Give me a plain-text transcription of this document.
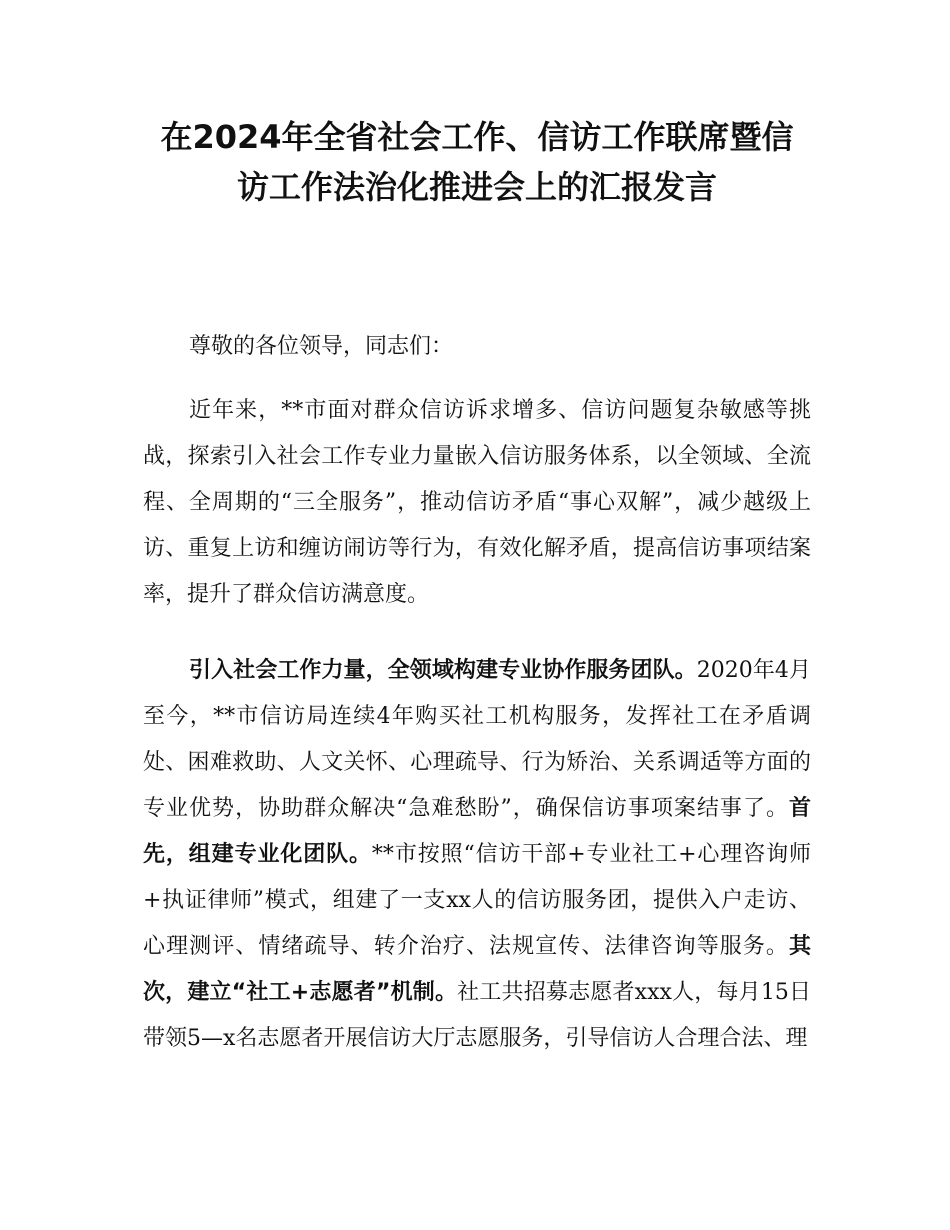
在2024年全省社会工作、信访工作联席暨信
访工作法治化推进会上的汇报发言

尊敬的各位领导，同志们：

近年来，**市面对群众信访诉求增多、信访问题复杂敏感等挑战，探索引入社会工作专业力量嵌入信访服务体系，以全领域、全流程、全周期的“三全服务”，推动信访矛盾“事心双解”，减少越级上访、重复上访和缠访闹访等行为，有效化解矛盾，提高信访事项结案率，提升了群众信访满意度。

引入社会工作力量，全领域构建专业协作服务团队。2020年4月至今，**市信访局连续4年购买社工机构服务，发挥社工在矛盾调处、困难救助、人文关怀、心理疏导、行为矫治、关系调适等方面的专业优势，协助群众解决“急难愁盼”，确保信访事项案结事了。首先，组建专业化团队。**市按照“信访干部+专业社工+心理咨询师+执证律师”模式，组建了一支xx人的信访服务团，提供入户走访、心理测评、情绪疏导、转介治疗、法规宣传、法律咨询等服务。其次，建立“社工+志愿者”机制。社工共招募志愿者xxx人，每月15日带领5—x名志愿者开展信访大厅志愿服务，引导信访人合理合法、理
